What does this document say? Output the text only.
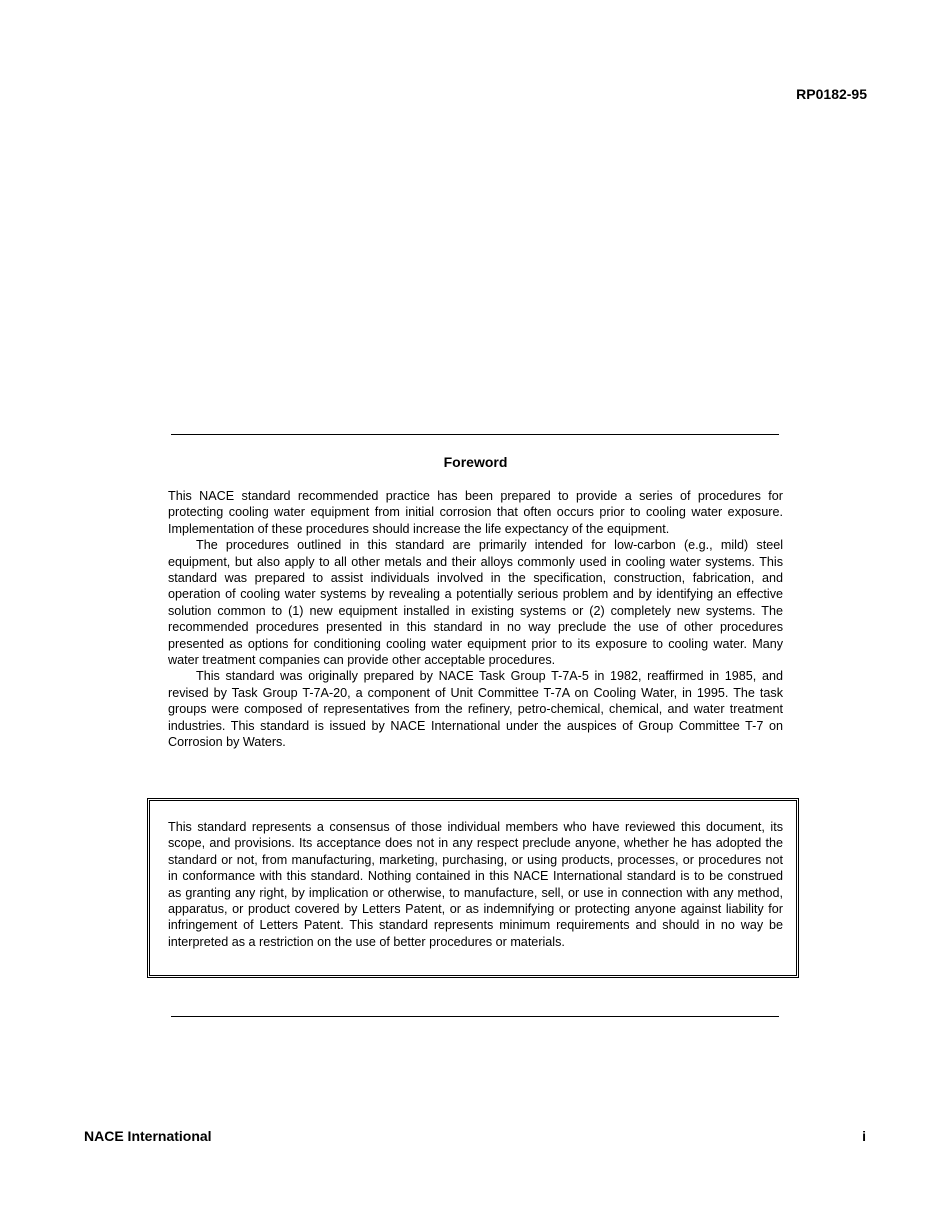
RP0182-95
Foreword

This NACE standard recommended practice has been prepared to provide a series of procedures for protecting cooling water equipment from initial corrosion that often occurs prior to cooling water exposure. Implementation of these procedures should increase the life expectancy of the equipment.

The procedures outlined in this standard are primarily intended for low-carbon (e.g., mild) steel equipment, but also apply to all other metals and their alloys commonly used in cooling water systems. This standard was prepared to assist individuals involved in the specification, construction, fabrication, and operation of cooling water systems by revealing a potentially serious problem and by identifying an effective solution common to (1) new equipment installed in existing systems or (2) completely new systems. The recommended procedures presented in this standard in no way preclude the use of other procedures presented as options for conditioning cooling water equipment prior to its exposure to cooling water. Many water treatment companies can provide other acceptable procedures.

This standard was originally prepared by NACE Task Group T-7A-5 in 1982, reaffirmed in 1985, and revised by Task Group T-7A-20, a component of Unit Committee T-7A on Cooling Water, in 1995. The task groups were composed of representatives from the refinery, petro-chemical, chemical, and water treatment industries. This standard is issued by NACE International under the auspices of Group Committee T-7 on Corrosion by Waters.

This standard represents a consensus of those individual members who have reviewed this document, its scope, and provisions. Its acceptance does not in any respect preclude anyone, whether he has adopted the standard or not, from manufacturing, marketing, purchasing, or using products, processes, or procedures not in conformance with this standard. Nothing contained in this NACE International standard is to be construed as granting any right, by implication or otherwise, to manufacture, sell, or use in connection with any method, apparatus, or product covered by Letters Patent, or as indemnifying or protecting anyone against liability for infringement of Letters Patent. This standard represents minimum requirements and should in no way be interpreted as a restriction on the use of better procedures or materials.

NACE International	i
